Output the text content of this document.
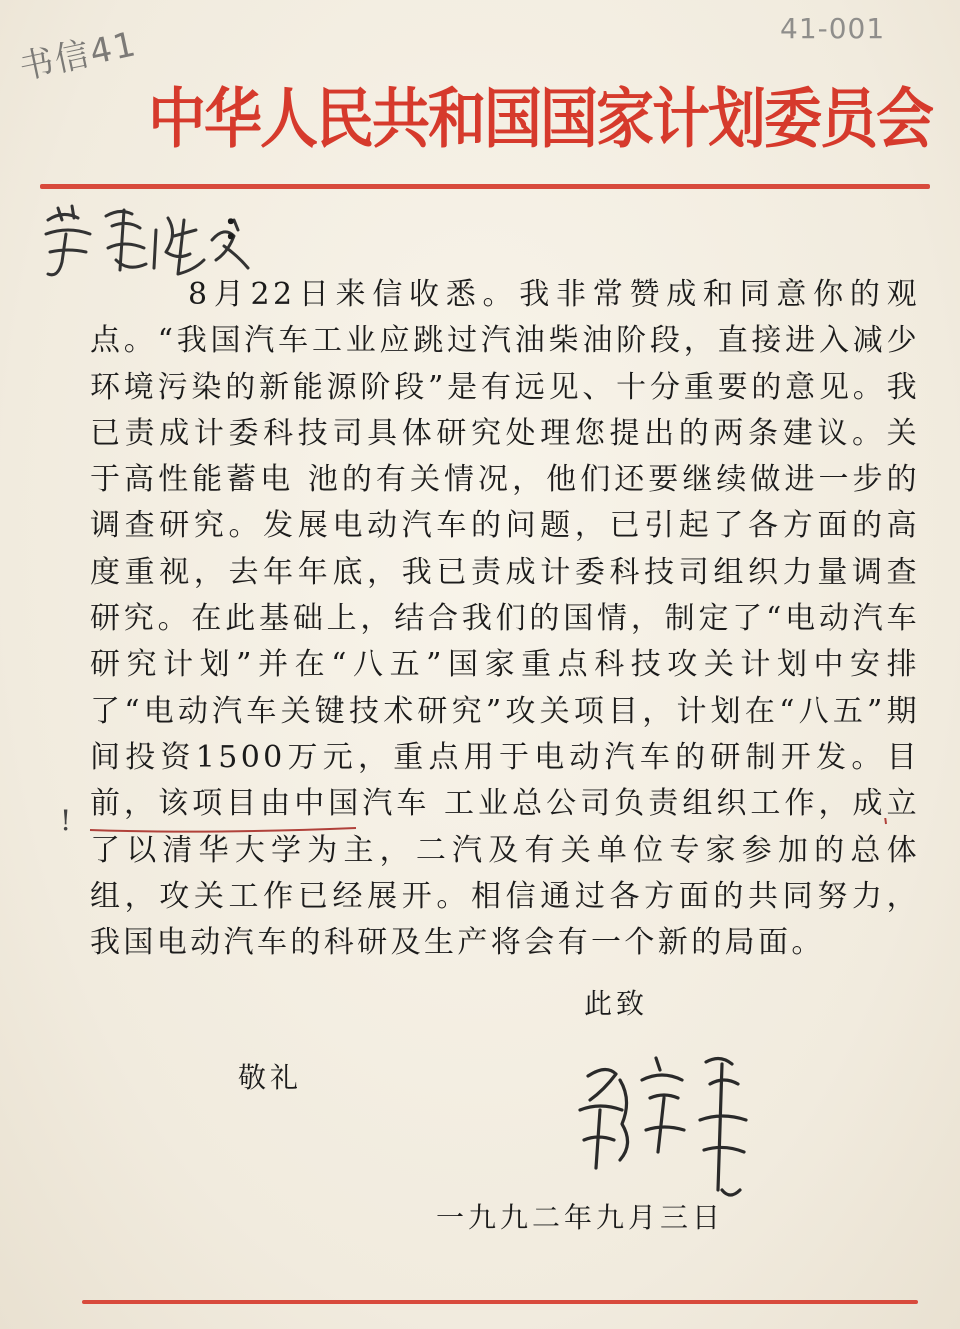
书信41	41-001
中华人民共和国国家计划委员会
：
8月22日来信收悉。我非常赞成和同意你的观点。“我国汽车工业应跳过汽油柴油阶段，直接进入减少环境污染的新能源阶段”是有远见、十分重要的意见。我已责成计委科技司具体研究处理您提出的两条建议。关于高性能蓄电 池的有关情况，他们还要继续做进一步的调查研究。发展电动汽车的问题，已引起了各方面的高度重视，去年年底，我已责成计委科技司组织力量调查研究。在此基础上，结合我们的国情，制定了“电动汽车研究计划”并在“八五”国家重点科技攻关计划中安排了“电动汽车关键技术研究”攻关项目，计划在“八五”期间投资1500万元，重点用于电动汽车的研制开发。目前，该项目由中国汽车 工业总公司负责组织工作，成立了以清华大学为主，二汽及有关单位专家参加的总体组，攻关工作已经展开。相信通过各方面的共同努力，我国电动汽车的科研及生产将会有一个新的局面。
!
此致
敬礼
一九九二年九月三日
